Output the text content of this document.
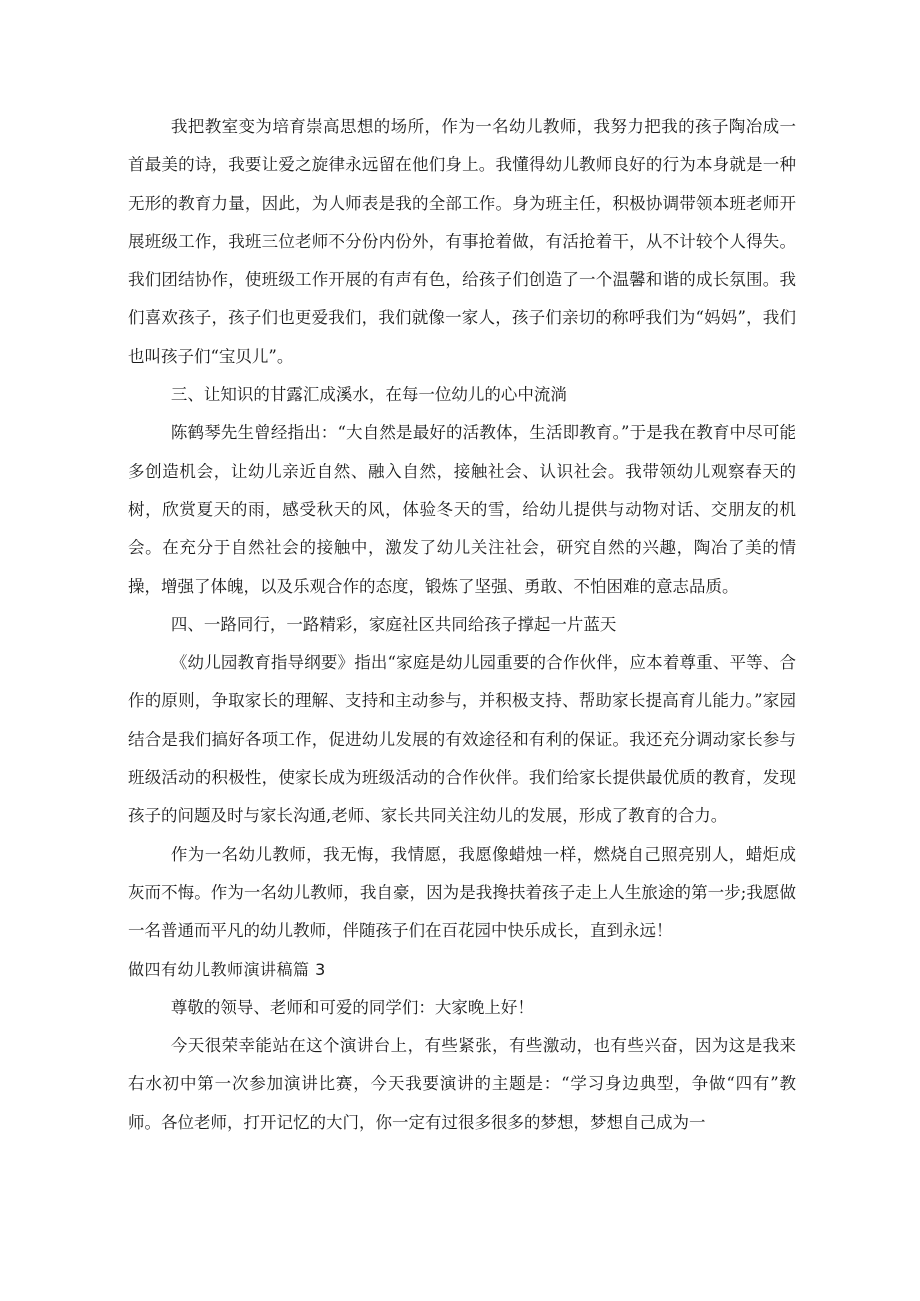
我把教室变为培育崇高思想的场所，作为一名幼儿教师，我努力把我的孩子陶冶成一首最美的诗，我要让爱之旋律永远留在他们身上。我懂得幼儿教师良好的行为本身就是一种无形的教育力量，因此，为人师表是我的全部工作。身为班主任，积极协调带领本班老师开展班级工作，我班三位老师不分份内份外，有事抢着做，有活抢着干，从不计较个人得失。我们团结协作，使班级工作开展的有声有色，给孩子们创造了一个温馨和谐的成长氛围。我们喜欢孩子，孩子们也更爱我们，我们就像一家人，孩子们亲切的称呼我们为“妈妈”，我们也叫孩子们“宝贝儿”。

三、让知识的甘露汇成溪水，在每一位幼儿的心中流淌

陈鹤琴先生曾经指出：“大自然是最好的活教体，生活即教育。”于是我在教育中尽可能多创造机会，让幼儿亲近自然、融入自然，接触社会、认识社会。我带领幼儿观察春天的树，欣赏夏天的雨，感受秋天的风，体验冬天的雪，给幼儿提供与动物对话、交朋友的机会。在充分于自然社会的接触中，激发了幼儿关注社会，研究自然的兴趣，陶冶了美的情操，增强了体魄，以及乐观合作的态度，锻炼了坚强、勇敢、不怕困难的意志品质。

四、一路同行，一路精彩，家庭社区共同给孩子撑起一片蓝天

《幼儿园教育指导纲要》指出“家庭是幼儿园重要的合作伙伴，应本着尊重、平等、合作的原则，争取家长的理解、支持和主动参与，并积极支持、帮助家长提高育儿能力。”家园结合是我们搞好各项工作，促进幼儿发展的有效途径和有利的保证。我还充分调动家长参与班级活动的积极性，使家长成为班级活动的合作伙伴。我们给家长提供最优质的教育，发现孩子的问题及时与家长沟通,老师、家长共同关注幼儿的发展，形成了教育的合力。

作为一名幼儿教师，我无悔，我情愿，我愿像蜡烛一样，燃烧自己照亮别人，蜡炬成灰而不悔。作为一名幼儿教师，我自豪，因为是我搀扶着孩子走上人生旅途的第一步;我愿做一名普通而平凡的幼儿教师，伴随孩子们在百花园中快乐成长，直到永远！

做四有幼儿教师演讲稿篇 3

尊敬的领导、老师和可爱的同学们：大家晚上好！

今天很荣幸能站在这个演讲台上，有些紧张，有些激动，也有些兴奋，因为这是我来右水初中第一次参加演讲比赛，今天我要演讲的主题是：“学习身边典型，争做“四有”教师。各位老师，打开记忆的大门，你一定有过很多很多的梦想，梦想自己成为一
